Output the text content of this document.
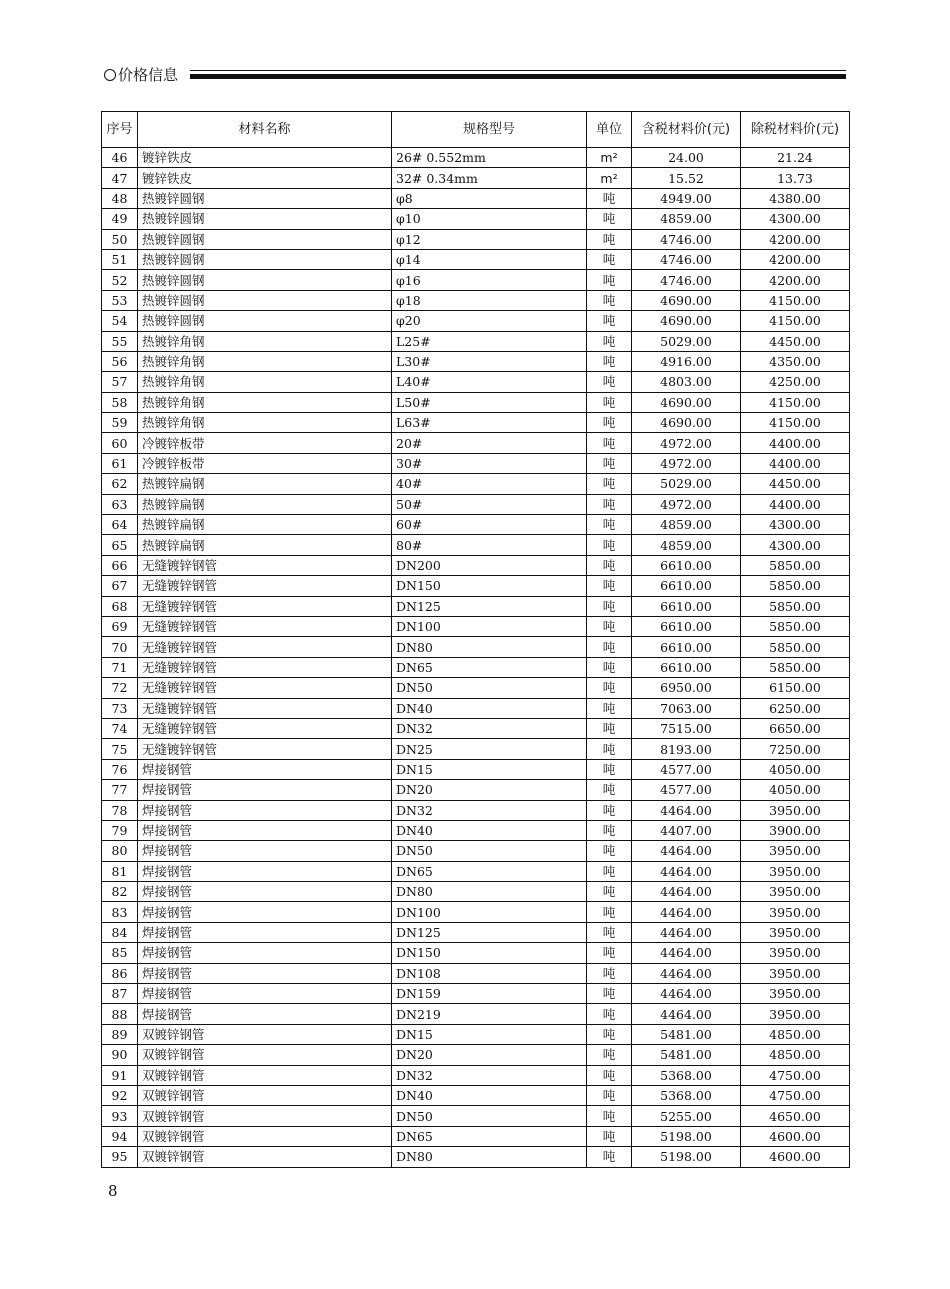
价格信息
序号	材料名称	规格型号	单位	含税材料价(元)	除税材料价(元)
46	镀锌铁皮	26# 0.552mm	m²	24.00	21.24
47	镀锌铁皮	32# 0.34mm	m²	15.52	13.73
48	热镀锌圆钢	φ8	吨	4949.00	4380.00
49	热镀锌圆钢	φ10	吨	4859.00	4300.00
50	热镀锌圆钢	φ12	吨	4746.00	4200.00
51	热镀锌圆钢	φ14	吨	4746.00	4200.00
52	热镀锌圆钢	φ16	吨	4746.00	4200.00
53	热镀锌圆钢	φ18	吨	4690.00	4150.00
54	热镀锌圆钢	φ20	吨	4690.00	4150.00
55	热镀锌角钢	L25#	吨	5029.00	4450.00
56	热镀锌角钢	L30#	吨	4916.00	4350.00
57	热镀锌角钢	L40#	吨	4803.00	4250.00
58	热镀锌角钢	L50#	吨	4690.00	4150.00
59	热镀锌角钢	L63#	吨	4690.00	4150.00
60	冷镀锌板带	20#	吨	4972.00	4400.00
61	冷镀锌板带	30#	吨	4972.00	4400.00
62	热镀锌扁钢	40#	吨	5029.00	4450.00
63	热镀锌扁钢	50#	吨	4972.00	4400.00
64	热镀锌扁钢	60#	吨	4859.00	4300.00
65	热镀锌扁钢	80#	吨	4859.00	4300.00
66	无缝镀锌钢管	DN200	吨	6610.00	5850.00
67	无缝镀锌钢管	DN150	吨	6610.00	5850.00
68	无缝镀锌钢管	DN125	吨	6610.00	5850.00
69	无缝镀锌钢管	DN100	吨	6610.00	5850.00
70	无缝镀锌钢管	DN80	吨	6610.00	5850.00
71	无缝镀锌钢管	DN65	吨	6610.00	5850.00
72	无缝镀锌钢管	DN50	吨	6950.00	6150.00
73	无缝镀锌钢管	DN40	吨	7063.00	6250.00
74	无缝镀锌钢管	DN32	吨	7515.00	6650.00
75	无缝镀锌钢管	DN25	吨	8193.00	7250.00
76	焊接钢管	DN15	吨	4577.00	4050.00
77	焊接钢管	DN20	吨	4577.00	4050.00
78	焊接钢管	DN32	吨	4464.00	3950.00
79	焊接钢管	DN40	吨	4407.00	3900.00
80	焊接钢管	DN50	吨	4464.00	3950.00
81	焊接钢管	DN65	吨	4464.00	3950.00
82	焊接钢管	DN80	吨	4464.00	3950.00
83	焊接钢管	DN100	吨	4464.00	3950.00
84	焊接钢管	DN125	吨	4464.00	3950.00
85	焊接钢管	DN150	吨	4464.00	3950.00
86	焊接钢管	DN108	吨	4464.00	3950.00
87	焊接钢管	DN159	吨	4464.00	3950.00
88	焊接钢管	DN219	吨	4464.00	3950.00
89	双镀锌钢管	DN15	吨	5481.00	4850.00
90	双镀锌钢管	DN20	吨	5481.00	4850.00
91	双镀锌钢管	DN32	吨	5368.00	4750.00
92	双镀锌钢管	DN40	吨	5368.00	4750.00
93	双镀锌钢管	DN50	吨	5255.00	4650.00
94	双镀锌钢管	DN65	吨	5198.00	4600.00
95	双镀锌钢管	DN80	吨	5198.00	4600.00
8
